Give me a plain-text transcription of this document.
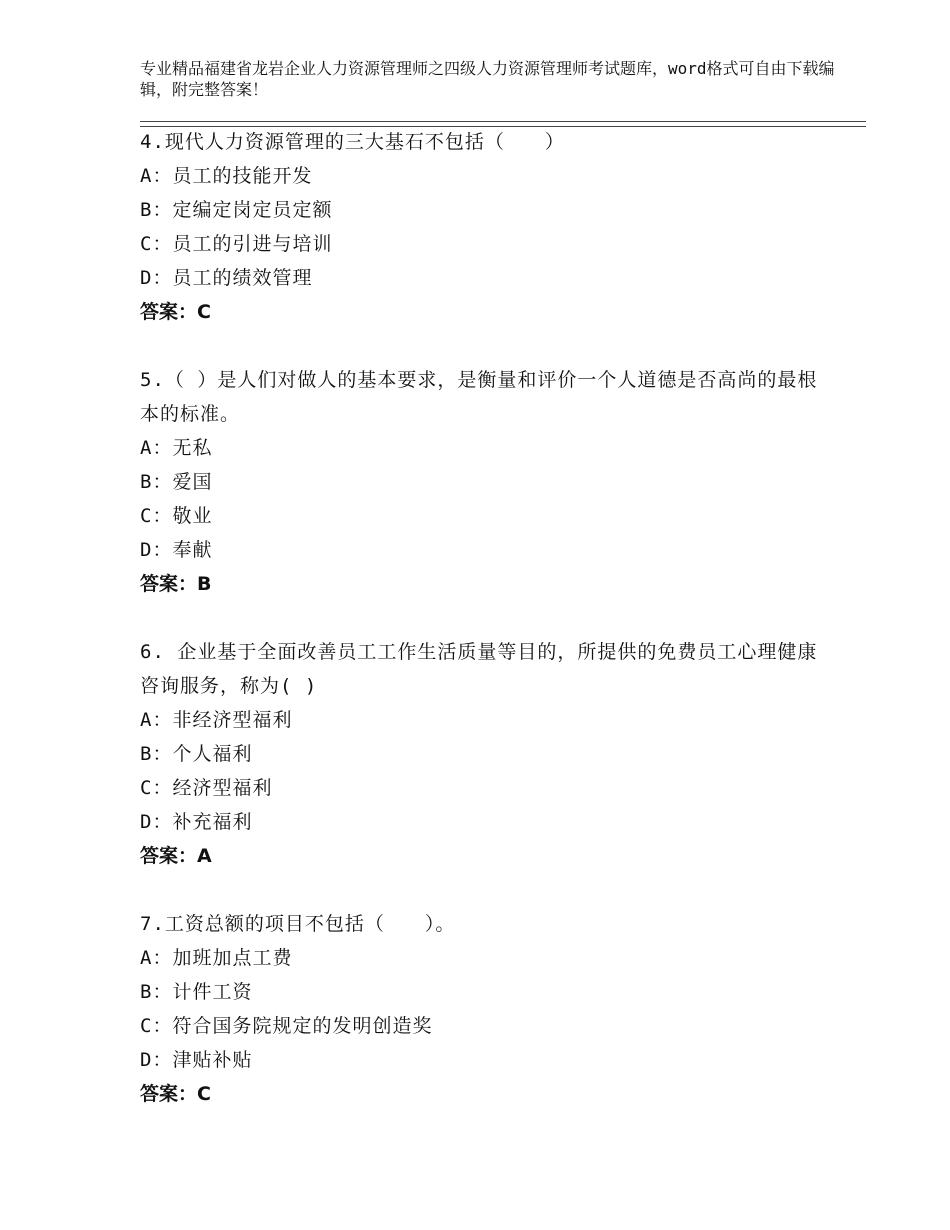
专业精品福建省龙岩企业人力资源管理师之四级人力资源管理师考试题库，word格式可自由下载编辑，附完整答案！

4.现代人力资源管理的三大基石不包括（　　）

A：员工的技能开发

B：定编定岗定员定额

C：员工的引进与培训

D：员工的绩效管理

答案：C

5.（ ）是人们对做人的基本要求，是衡量和评价一个人道德是否高尚的最根本的标准。

A：无私

B：爱国

C：敬业

D：奉献

答案：B

6. 企业基于全面改善员工工作生活质量等目的，所提供的免费员工心理健康咨询服务，称为( )

A：非经济型福利

B：个人福利

C：经济型福利

D：补充福利

答案：A

7.工资总额的项目不包括（　　）。

A：加班加点工费

B：计件工资

C：符合国务院规定的发明创造奖

D：津贴补贴

答案：C
